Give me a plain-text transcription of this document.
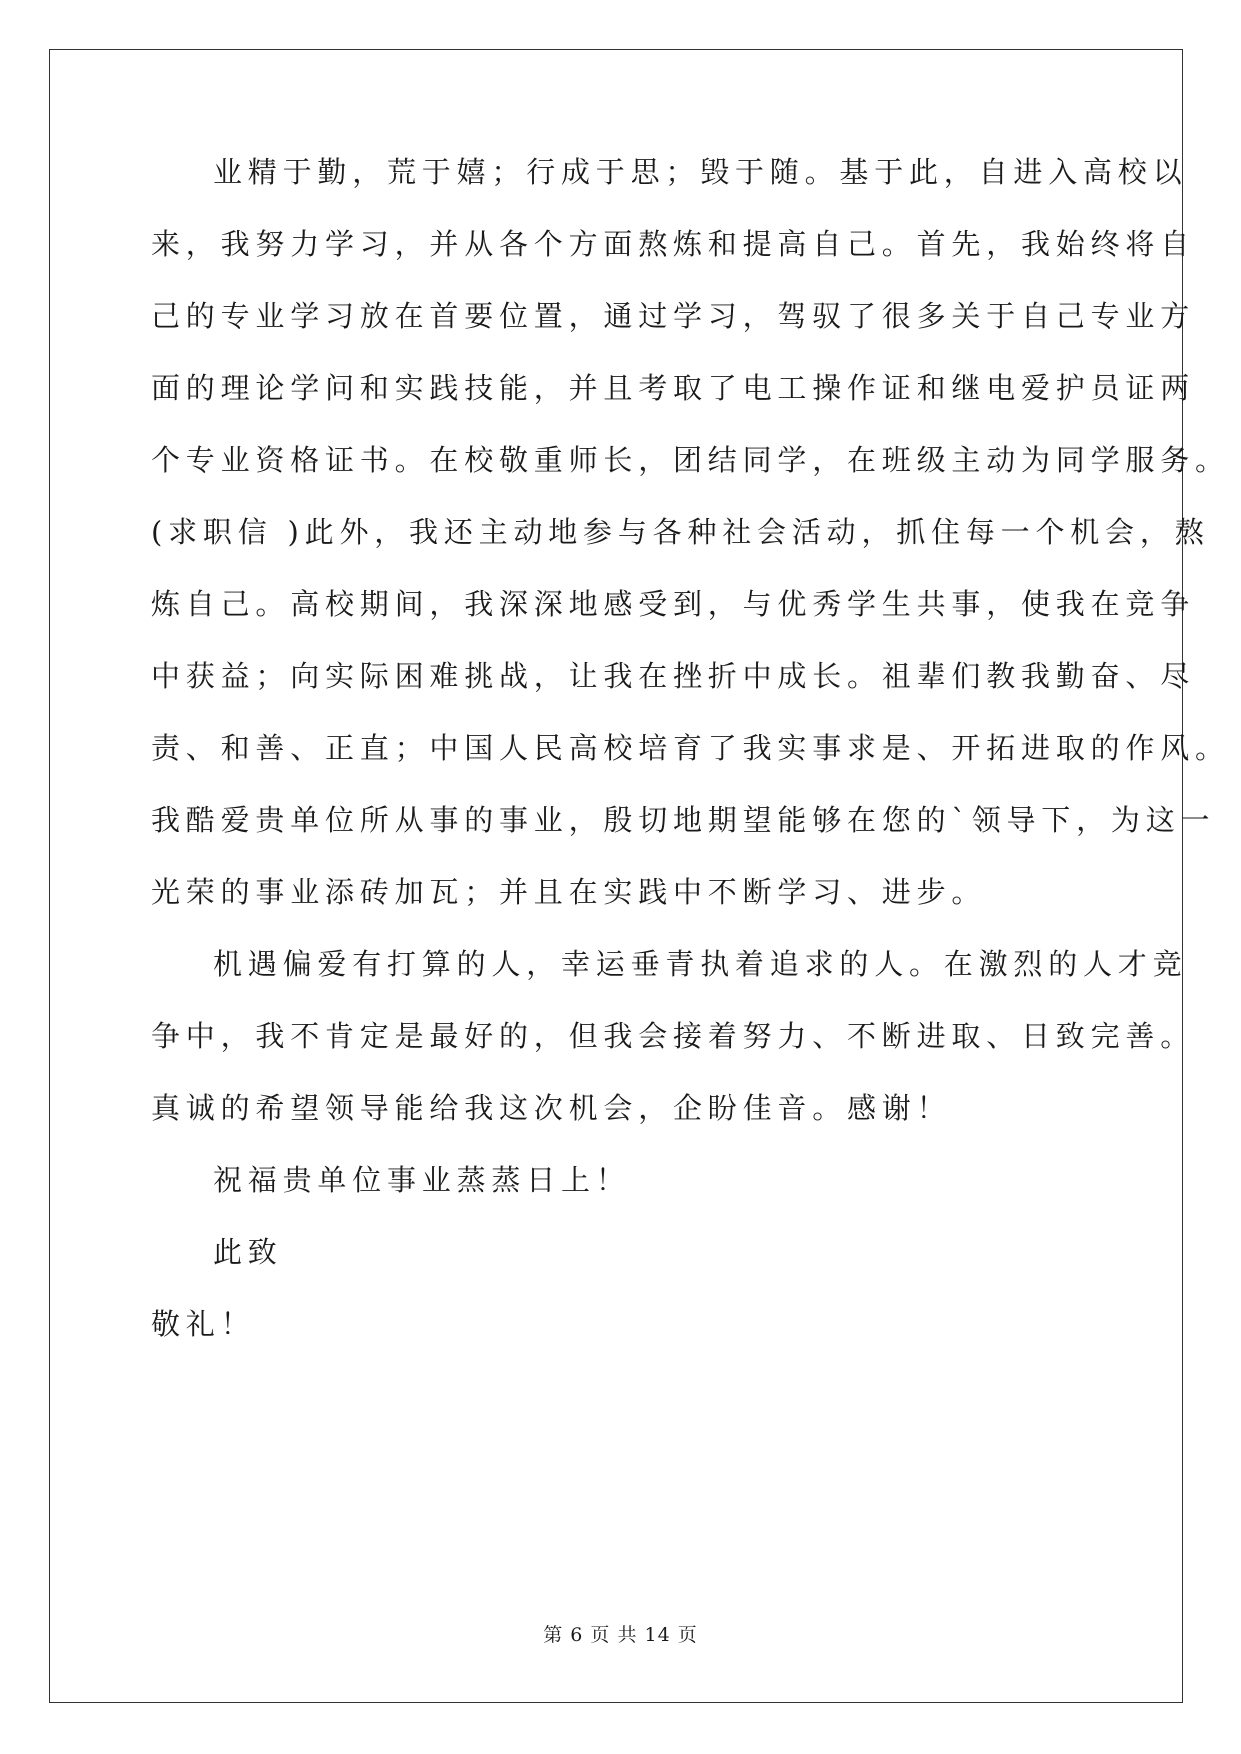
业精于勤，荒于嬉；行成于思；毁于随。基于此，自进入高校以
来，我努力学习，并从各个方面熬炼和提高自己。首先，我始终将自
己的专业学习放在首要位置，通过学习，驾驭了很多关于自己专业方
面的理论学问和实践技能，并且考取了电工操作证和继电爱护员证两
个专业资格证书。在校敬重师长，团结同学，在班级主动为同学服务。
(求职信 )此外，我还主动地参与各种社会活动，抓住每一个机会，熬
炼自己。高校期间，我深深地感受到，与优秀学生共事，使我在竞争
中获益；向实际困难挑战，让我在挫折中成长。祖辈们教我勤奋、尽
责、和善、正直；中国人民高校培育了我实事求是、开拓进取的作风。
我酷爱贵单位所从事的事业，殷切地期望能够在您的`领导下，为这一
光荣的事业添砖加瓦；并且在实践中不断学习、进步。
机遇偏爱有打算的人，幸运垂青执着追求的人。在激烈的人才竞
争中，我不肯定是最好的，但我会接着努力、不断进取、日致完善。
真诚的希望领导能给我这次机会，企盼佳音。感谢！
祝福贵单位事业蒸蒸日上！
此致
敬礼！
第 6 页 共 14 页
